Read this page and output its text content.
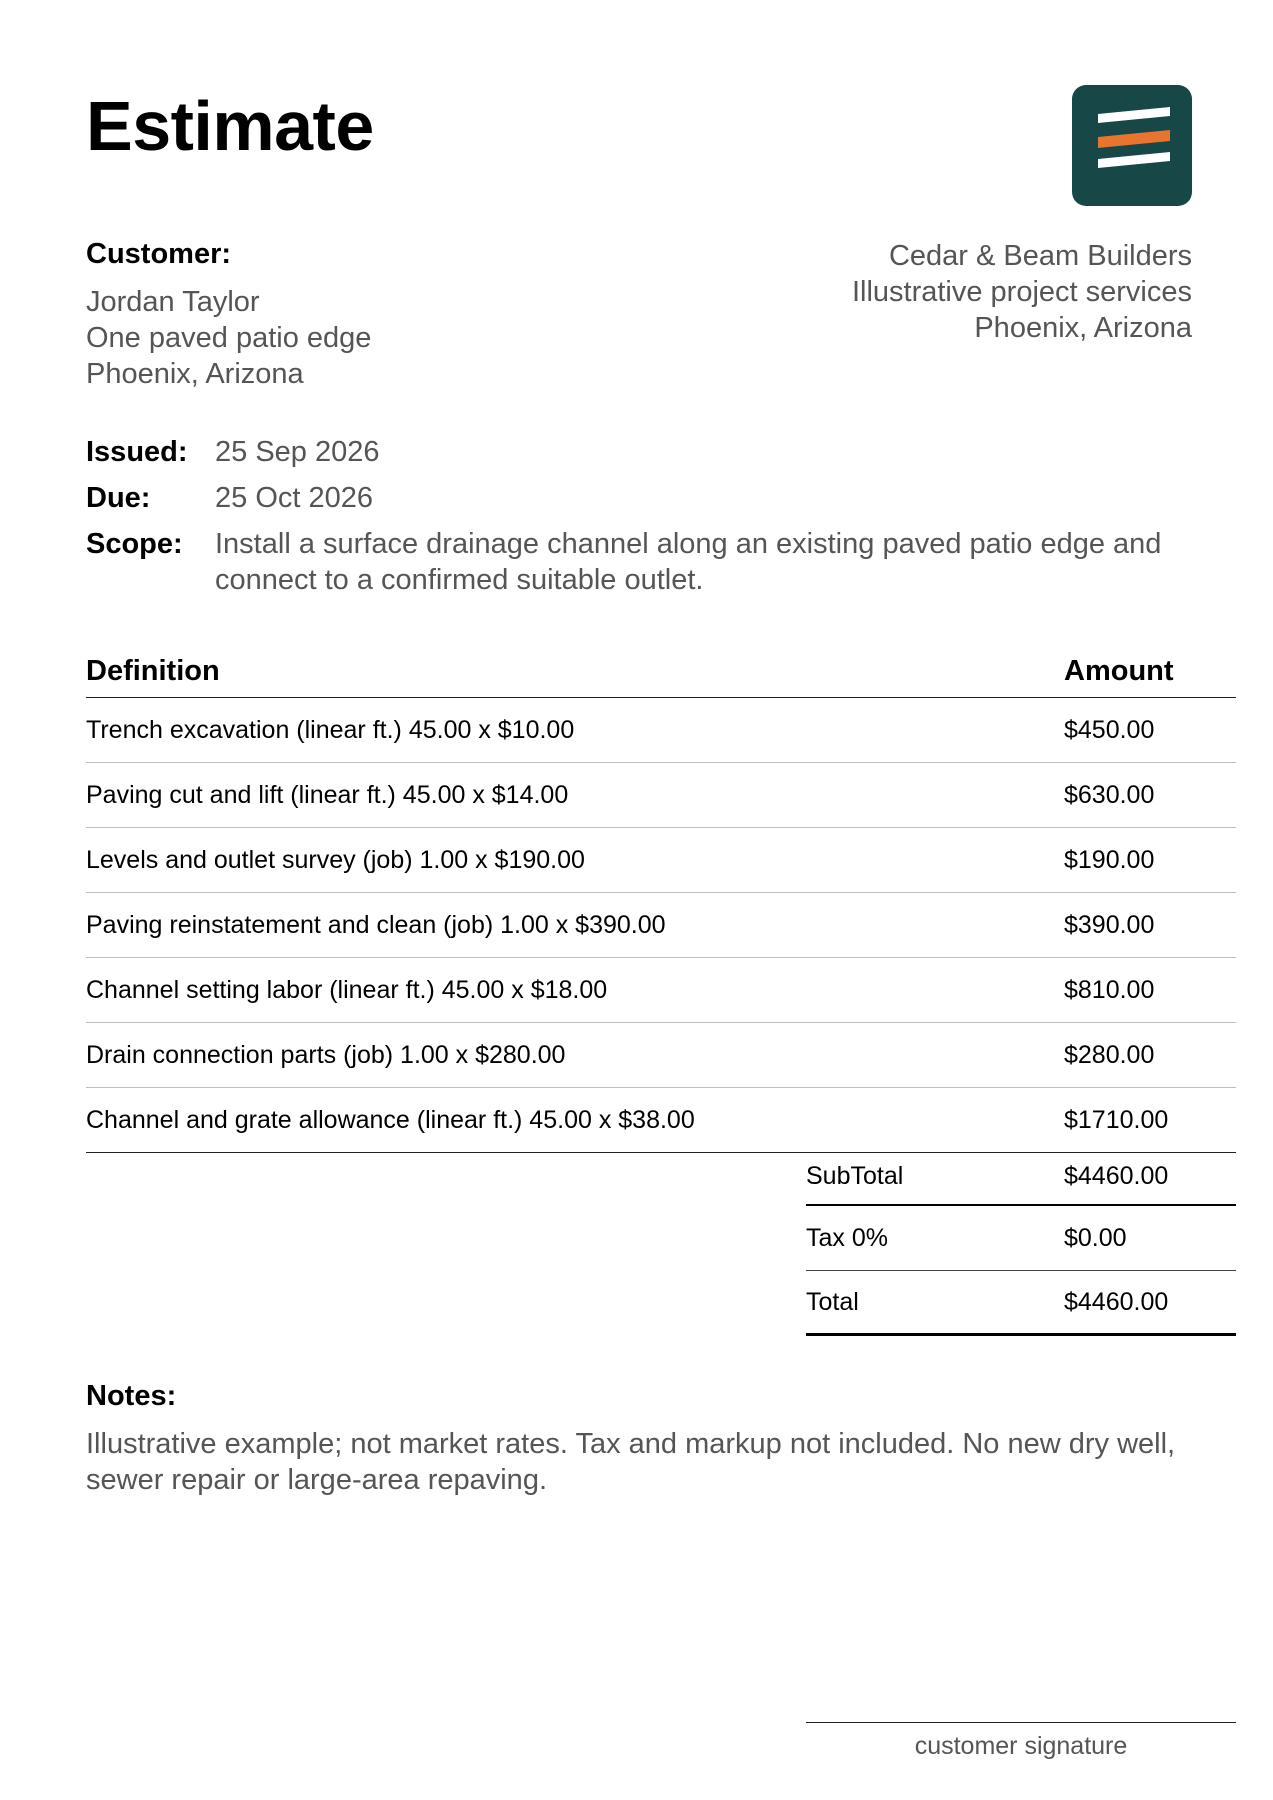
Estimate
Customer:
Jordan Taylor
One paved patio edge
Phoenix, Arizona
Cedar & Beam Builders
Illustrative project services
Phoenix, Arizona
Issued: 25 Sep 2026
Due:	25 Oct 2026
Scope:	Install a surface drainage channel along an existing paved patio edge and connect to a confirmed suitable outlet.
Definition	Amount
Trench excavation (linear ft.) 45.00 x $10.00	$450.00
Paving cut and lift (linear ft.) 45.00 x $14.00	$630.00
Levels and outlet survey (job) 1.00 x $190.00	$190.00
Paving reinstatement and clean (job) 1.00 x $390.00	$390.00
Channel setting labor (linear ft.) 45.00 x $18.00	$810.00
Drain connection parts (job) 1.00 x $280.00	$280.00
Channel and grate allowance (linear ft.) 45.00 x $38.00	$1710.00
SubTotal	$4460.00
Tax 0%	$0.00
Total	$4460.00
Notes:
Illustrative example; not market rates. Tax and markup not included. No new dry well, sewer repair or large-area repaving.
customer signature
